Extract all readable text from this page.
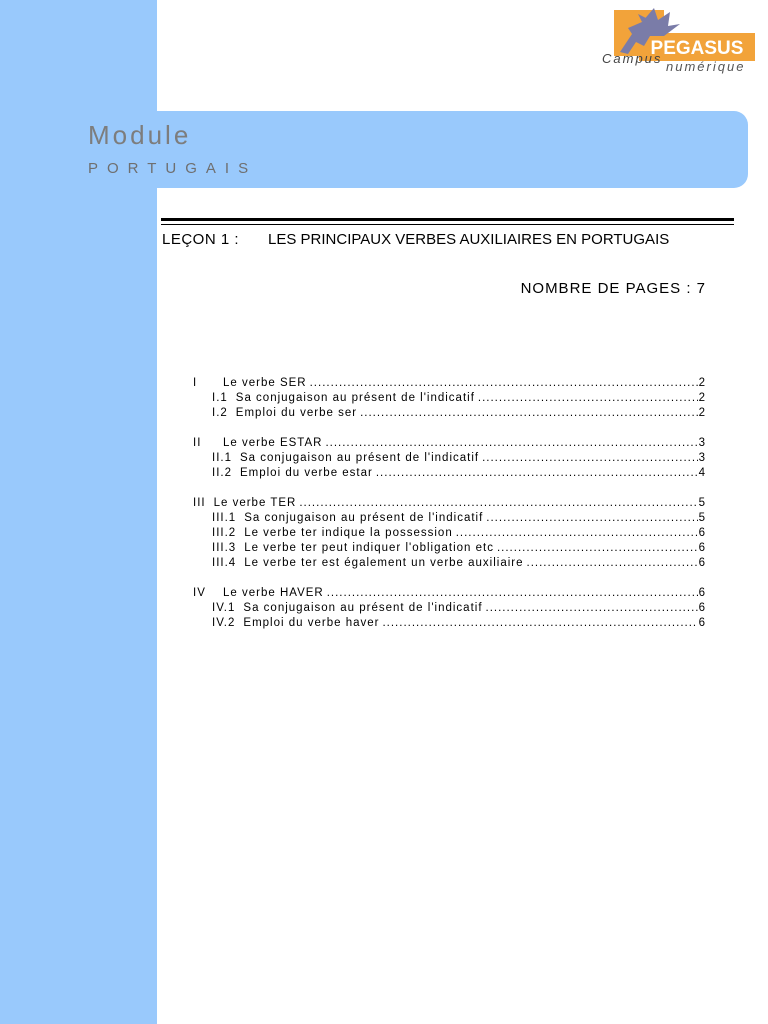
Module
PORTUGAIS
PEGASUS
Campus
numérique
LEÇON 1 : LES PRINCIPAUX VERBES AUXILIAIRES EN PORTUGAIS
NOMBRE DE PAGES : 7
I	Le verbe SER .....	2
I.1 Sa conjugaison au présent de l'indicatif .....	2
I.2 Emploi du verbe ser .....	2
II	Le verbe ESTAR .....	3
II.1 Sa conjugaison au présent de l'indicatif .....	3
II.2 Emploi du verbe estar .....	4
III Le verbe TER .....	5
III.1 Sa conjugaison au présent de l'indicatif .....	5
III.2 Le verbe ter indique la possession .....	6
III.3 Le verbe ter peut indiquer l'obligation etc .....	6
III.4 Le verbe ter est également un verbe auxiliaire .....	6
IV	Le verbe HAVER .....	6
IV.1 Sa conjugaison au présent de l'indicatif .....	6
IV.2 Emploi du verbe haver .....	6
